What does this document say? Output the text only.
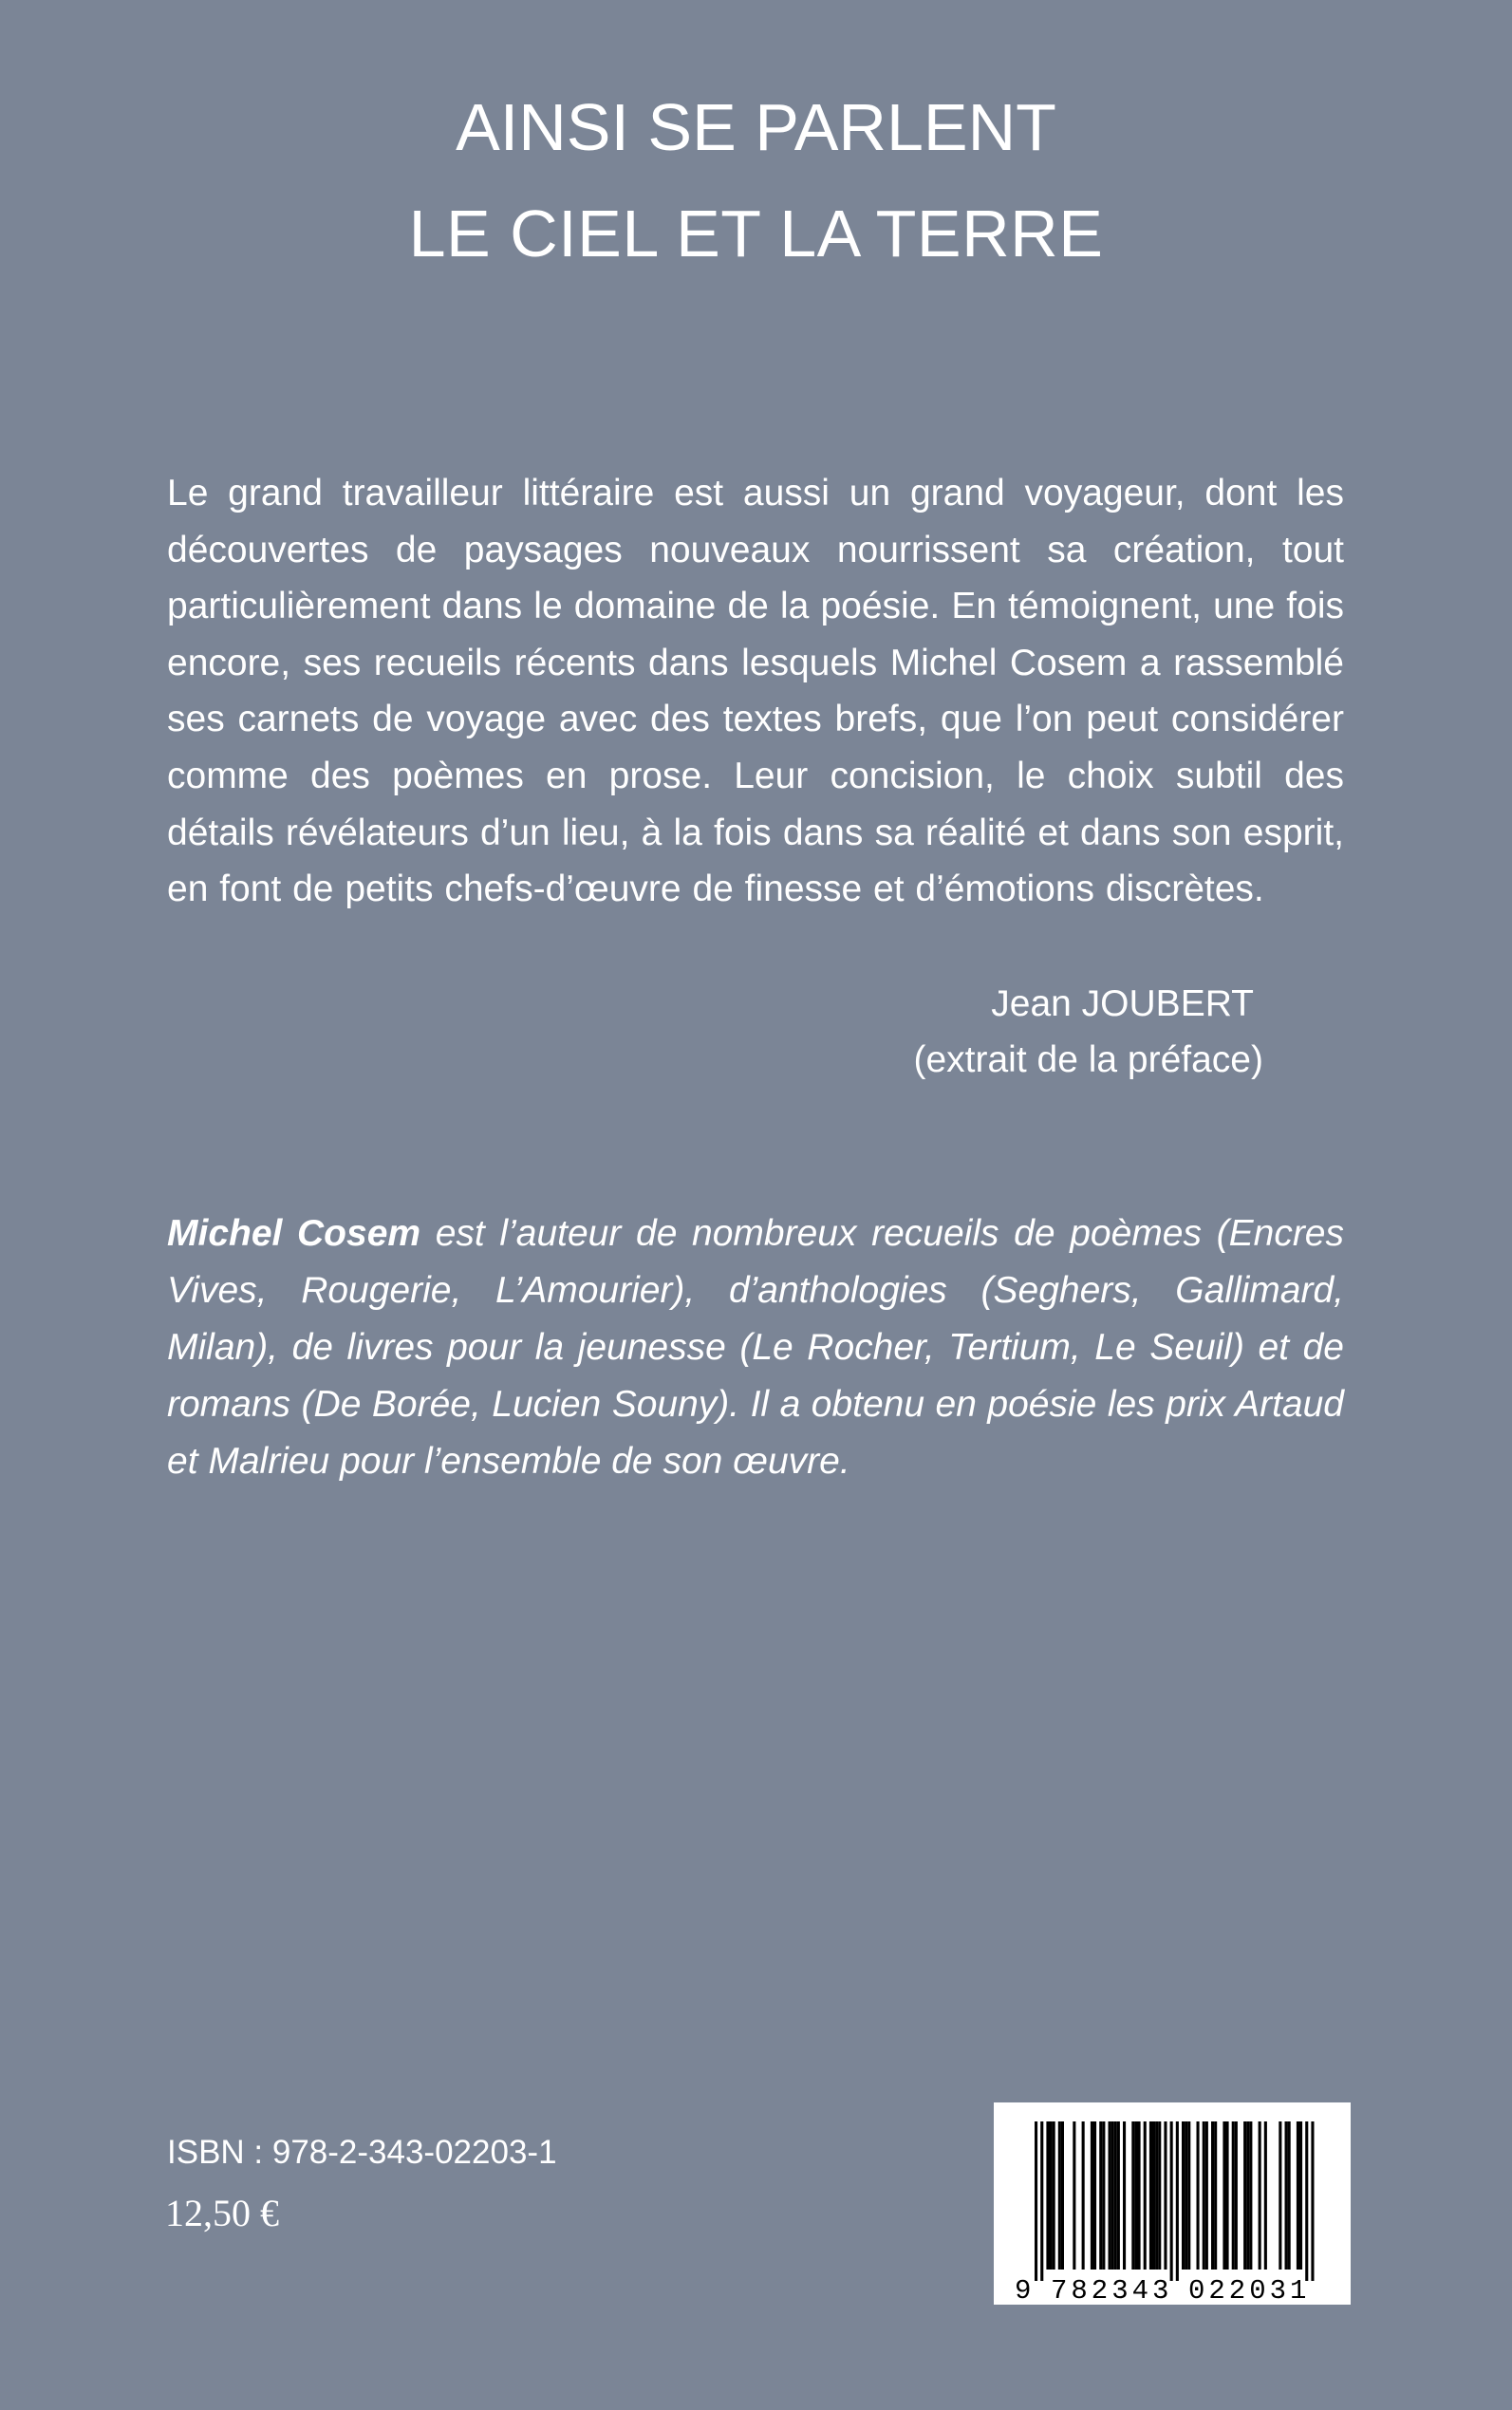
AINSI SE PARLENT
LE CIEL ET LA TERRE
Le grand travailleur littéraire est aussi un grand voyageur, dont les découvertes de paysages nouveaux nourrissent sa création, tout particulièrement dans le domaine de la poésie. En témoignent, une fois encore, ses recueils récents dans lesquels Michel Cosem a rassemblé ses carnets de voyage avec des textes brefs, que l’on peut considérer comme des poèmes en prose. Leur concision, le choix subtil des détails révélateurs d’un lieu, à la fois dans sa réalité et dans son esprit, en font de petits chefs-d’œuvre de finesse et d’émotions discrètes.
Jean JOUBERT
(extrait de la préface)
Michel Cosem est l’auteur de nombreux recueils de poèmes (Encres Vives, Rougerie, L’Amourier), d’anthologies (Seghers, Gallimard, Milan), de livres pour la jeunesse (Le Rocher, Tertium, Le Seuil) et de romans (De Borée, Lucien Souny). Il a obtenu en poésie les prix Artaud et Malrieu pour l’ensemble de son œuvre.
ISBN : 978-2-343-02203-1
12,50 €
9 782343 022031
